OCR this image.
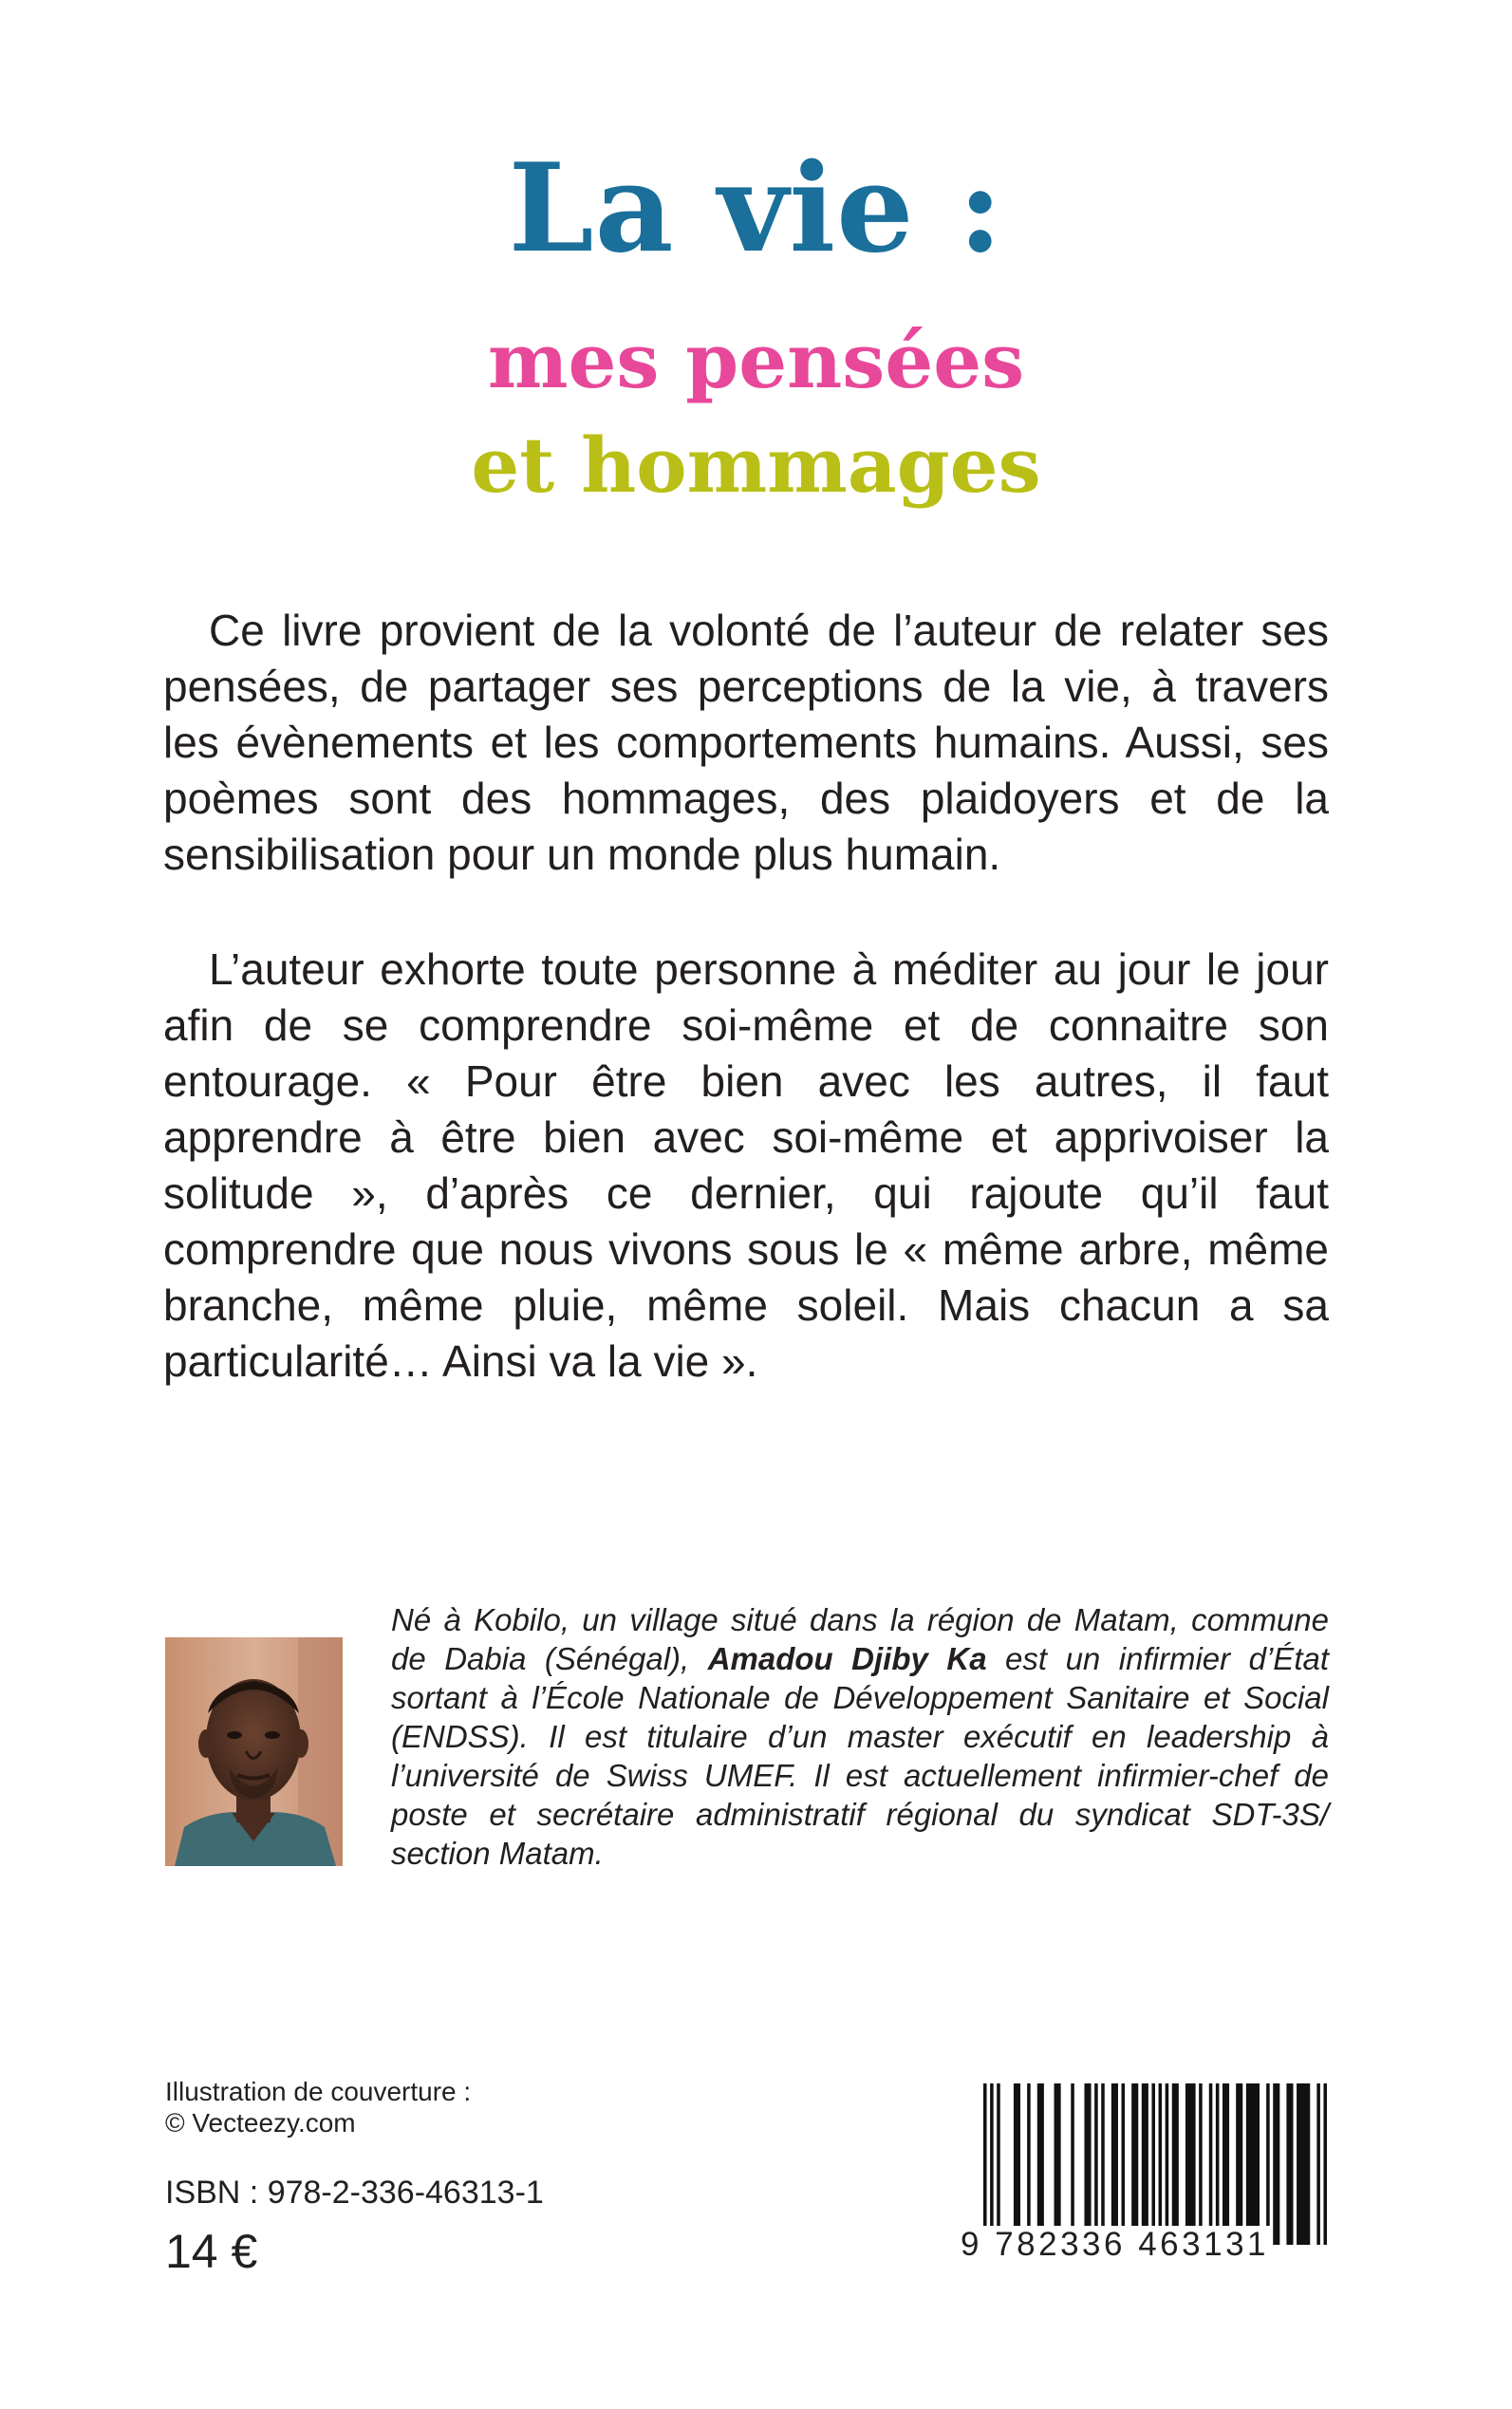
La vie :
mes pensées
et hommages

Ce livre provient de la volonté de l’auteur de relater ses pensées, de partager ses perceptions de la vie, à travers les évènements et les comportements humains. Aussi, ses poèmes sont des hommages, des plaidoyers et de la sensibilisation pour un monde plus humain.

L’auteur exhorte toute personne à méditer au jour le jour afin de se comprendre soi-même et de connaitre son entourage. « Pour être bien avec les autres, il faut apprendre à être bien avec soi-même et apprivoiser la solitude », d’après ce dernier, qui rajoute qu’il faut comprendre que nous vivons sous le « même arbre, même branche, même pluie, même soleil. Mais chacun a sa particularité… Ainsi va la vie ».

Né à Kobilo, un village situé dans la région de Matam, commune de Dabia (Sénégal), Amadou Djiby Ka est un infirmier d’État sortant à l’École Nationale de Développement Sanitaire et Social (ENDSS). Il est titulaire d’un master exécutif en leadership à l’université de Swiss UMEF. Il est actuellement infirmier-chef de poste et secrétaire administratif régional du syndicat SDT-3S/ section Matam.

Illustration de couverture :

© Vecteezy.com

ISBN : 978-2-336-46313-1

14 €	9 782336 463131
